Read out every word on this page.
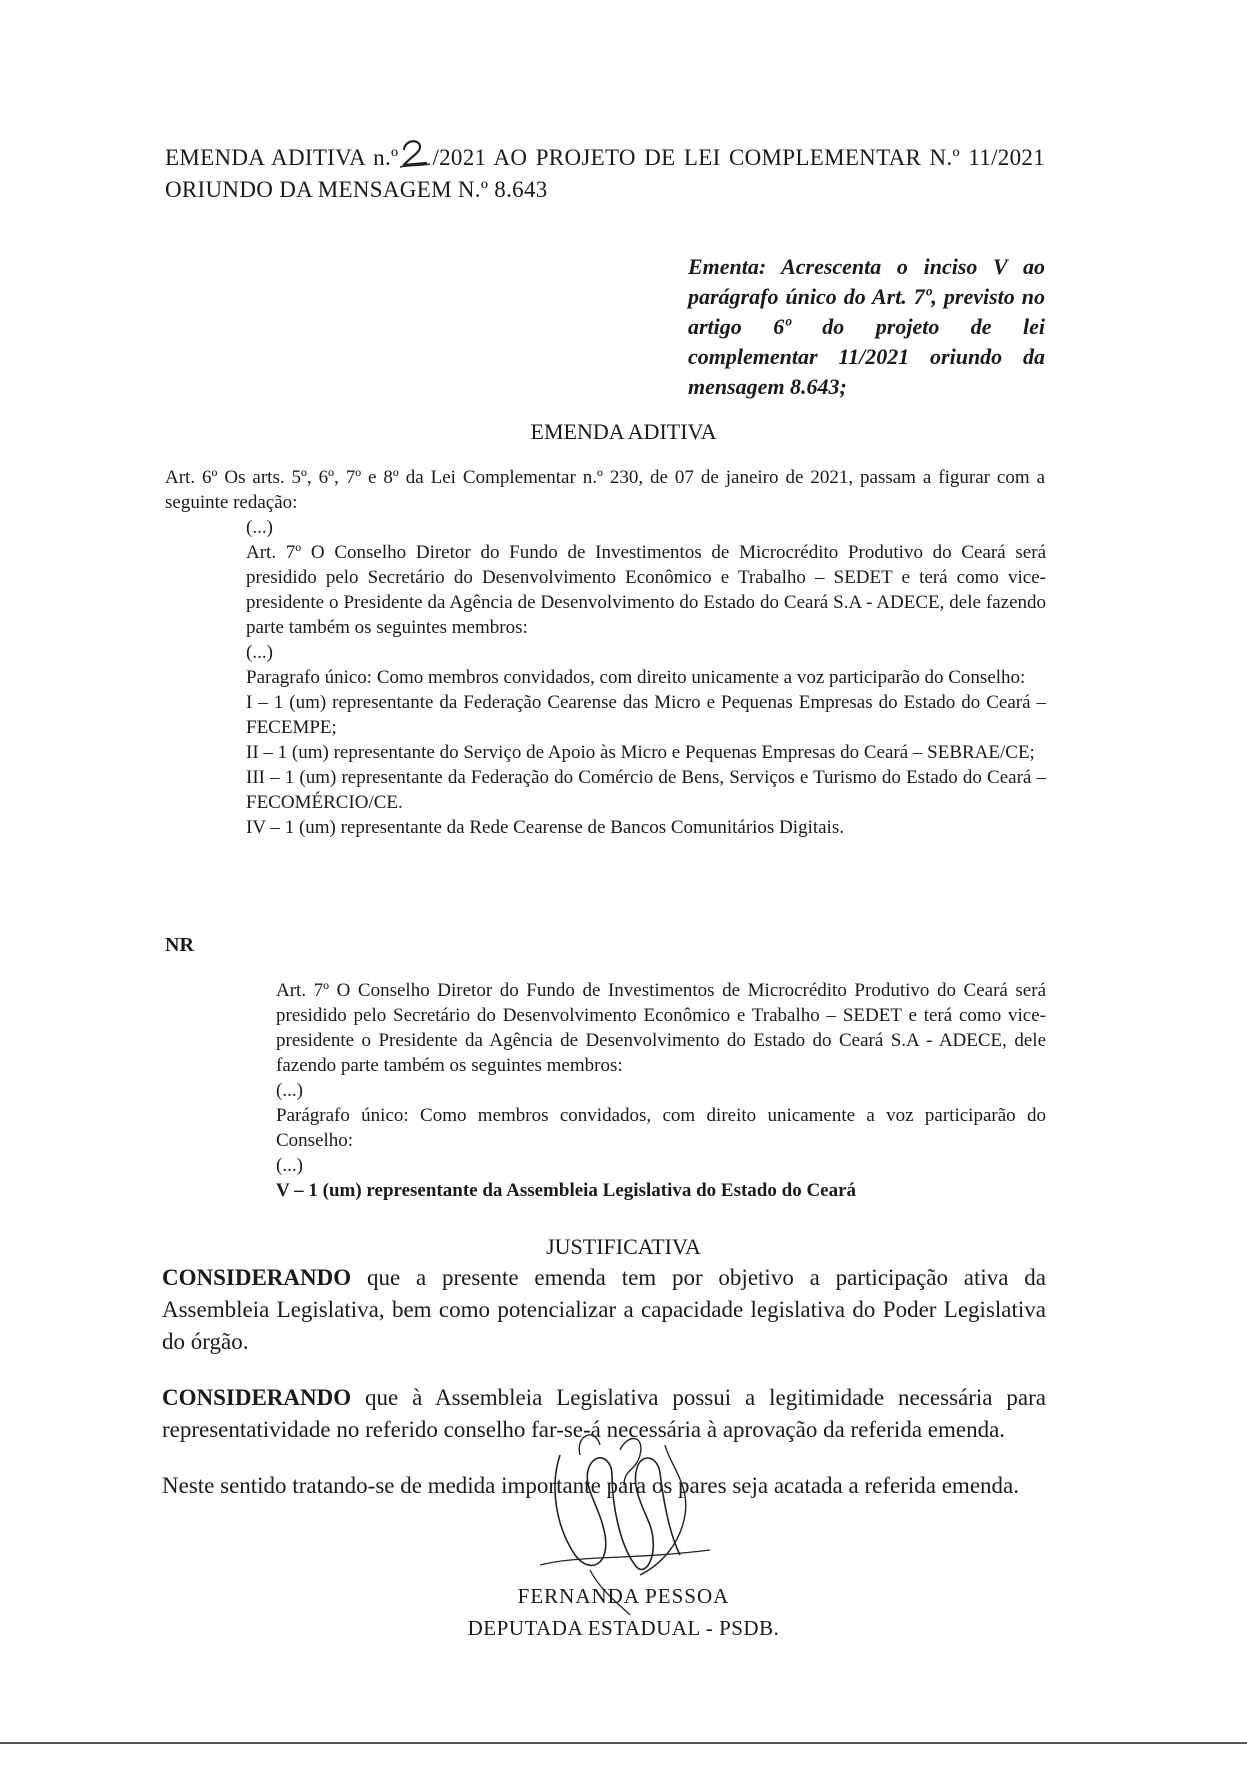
EMENDA ADITIVA n.º /2021 AO PROJETO DE LEI COMPLEMENTAR N.º 11/2021 ORIUNDO DA MENSAGEM N.º 8.643
Ementa: Acrescenta o inciso V ao parágrafo único do Art. 7º, previsto no artigo 6º do projeto de lei complementar 11/2021 oriundo da mensagem 8.643;
EMENDA ADITIVA
Art. 6º Os arts. 5º, 6º, 7º e 8º da Lei Complementar n.º 230, de 07 de janeiro de 2021, passam a figurar com a seguinte redação:

(...)

Art. 7º O Conselho Diretor do Fundo de Investimentos de Microcrédito Produtivo do Ceará será presidido pelo Secretário do Desenvolvimento Econômico e Trabalho – SEDET e terá como vice-presidente o Presidente da Agência de Desenvolvimento do Estado do Ceará S.A - ADECE, dele fazendo parte também os seguintes membros:

(...)

Paragrafo único: Como membros convidados, com direito unicamente a voz participarão do Conselho:

I – 1 (um) representante da Federação Cearense das Micro e Pequenas Empresas do Estado do Ceará – FECEMPE;

II – 1 (um) representante do Serviço de Apoio às Micro e Pequenas Empresas do Ceará – SEBRAE/CE;

III – 1 (um) representante da Federação do Comércio de Bens, Serviços e Turismo do Estado do Ceará – FECOMÉRCIO/CE.

IV – 1 (um) representante da Rede Cearense de Bancos Comunitários Digitais.

NR

Art. 7º O Conselho Diretor do Fundo de Investimentos de Microcrédito Produtivo do Ceará será presidido pelo Secretário do Desenvolvimento Econômico e Trabalho – SEDET e terá como vice-presidente o Presidente da Agência de Desenvolvimento do Estado do Ceará S.A - ADECE, dele fazendo parte também os seguintes membros:

(...)

Parágrafo único: Como membros convidados, com direito unicamente a voz participarão do Conselho:

(...)

V – 1 (um) representante da Assembleia Legislativa do Estado do Ceará

JUSTIFICATIVA

CONSIDERANDO que a presente emenda tem por objetivo a participação ativa da Assembleia Legislativa, bem como potencializar a capacidade legislativa do Poder Legislativa do órgão.

CONSIDERANDO que à Assembleia Legislativa possui a legitimidade necessária para representatividade no referido conselho far-se-á necessária à aprovação da referida emenda.

Neste sentido tratando-se de medida importante para os pares seja acatada a referida emenda.

FERNANDA PESSOA
DEPUTADA ESTADUAL - PSDB.
